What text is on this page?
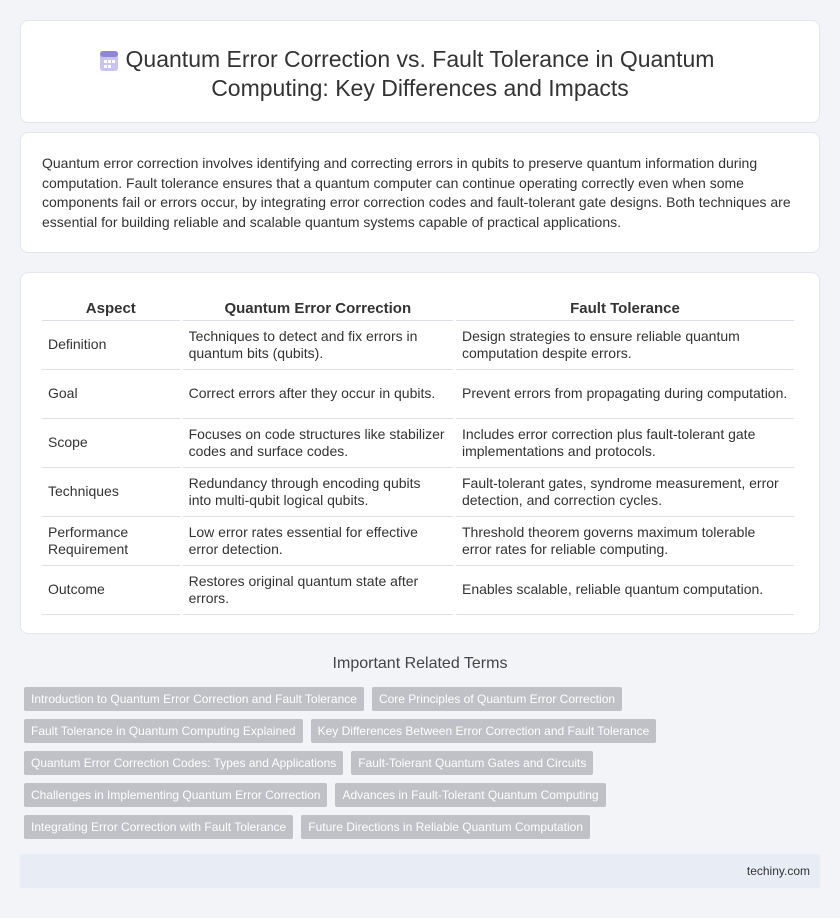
Quantum Error Correction vs. Fault Tolerance in Quantum Computing: Key Differences and Impacts

Quantum error correction involves identifying and correcting errors in qubits to preserve quantum information during computation. Fault tolerance ensures that a quantum computer can continue operating correctly even when some components fail or errors occur, by integrating error correction codes and fault-tolerant gate designs. Both techniques are essential for building reliable and scalable quantum systems capable of practical applications.

Aspect	Quantum Error Correction	Fault Tolerance
Definition	Techniques to detect and fix errors in quantum bits (qubits).	Design strategies to ensure reliable quantum computation despite errors.
Goal	Correct errors after they occur in qubits.	Prevent errors from propagating during computation.
Scope	Focuses on code structures like stabilizer codes and surface codes.	Includes error correction plus fault-tolerant gate implementations and protocols.
Techniques	Redundancy through encoding qubits into multi-qubit logical qubits.	Fault-tolerant gates, syndrome measurement, error detection, and correction cycles.
Performance Requirement	Low error rates essential for effective error detection.	Threshold theorem governs maximum tolerable error rates for reliable computing.
Outcome	Restores original quantum state after errors.	Enables scalable, reliable quantum computation.
Important Related Terms
Introduction to Quantum Error Correction and Fault Tolerance	Core Principles of Quantum Error Correction
Fault Tolerance in Quantum Computing Explained	Key Differences Between Error Correction and Fault Tolerance
Quantum Error Correction Codes: Types and Applications	Fault-Tolerant Quantum Gates and Circuits
Challenges in Implementing Quantum Error Correction	Advances in Fault-Tolerant Quantum Computing
Integrating Error Correction with Fault Tolerance	Future Directions in Reliable Quantum Computation
techiny.com
